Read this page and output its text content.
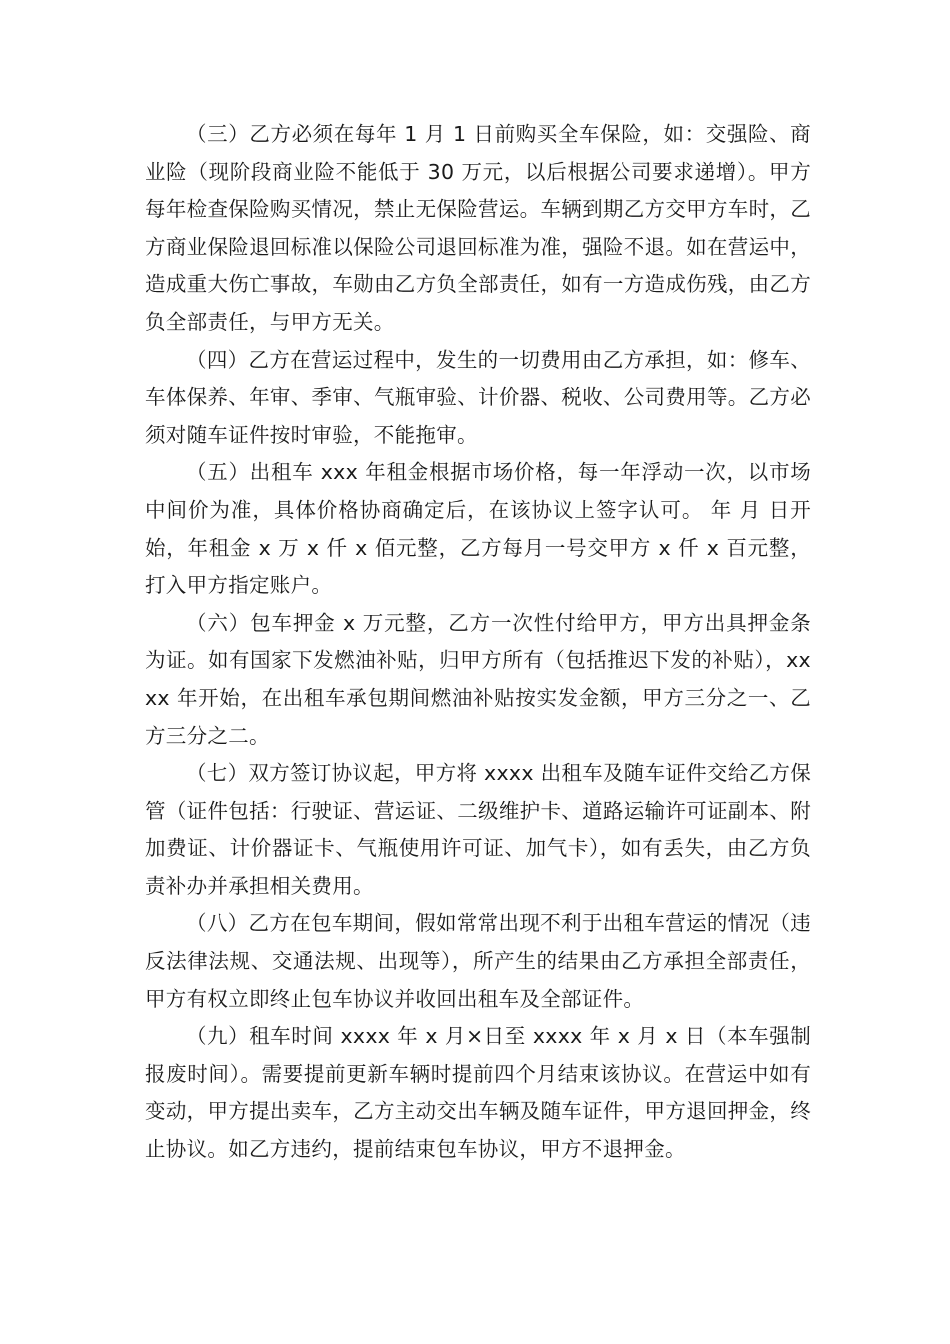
（三）乙方必须在每年 1 月 1 日前购买全车保险，如：交强险、商业险（现阶段商业险不能低于 30 万元，以后根据公司要求递增）。甲方每年检查保险购买情况，禁止无保险营运。车辆到期乙方交甲方车时，乙方商业保险退回标准以保险公司退回标准为准，强险不退。如在营运中，造成重大伤亡事故，车勋由乙方负全部责任，如有一方造成伤残，由乙方负全部责任，与甲方无关。

（四）乙方在营运过程中，发生的一切费用由乙方承担，如：修车、车体保养、年审、季审、气瓶审验、计价器、税收、公司费用等。乙方必须对随车证件按时审验，不能拖审。

（五）出租车 xxx 年租金根据市场价格，每一年浮动一次，以市场中间价为准，具体价格协商确定后，在该协议上签字认可。 年 月 日开始，年租金 x 万 x 仟 x 佰元整，乙方每月一号交甲方 x 仟 x 百元整，打入甲方指定账户。

（六）包车押金 x 万元整，乙方一次性付给甲方，甲方出具押金条为证。如有国家下发燃油补贴，归甲方所有（包括推迟下发的补贴），xxxx 年开始，在出租车承包期间燃油补贴按实发金额，甲方三分之一、乙方三分之二。

（七）双方签订协议起，甲方将 xxxx 出租车及随车证件交给乙方保管（证件包括：行驶证、营运证、二级维护卡、道路运输许可证副本、附加费证、计价器证卡、气瓶使用许可证、加气卡），如有丢失，由乙方负责补办并承担相关费用。

（八）乙方在包车期间，假如常常出现不利于出租车营运的情况（违反法律法规、交通法规、出现等），所产生的结果由乙方承担全部责任，甲方有权立即终止包车协议并收回出租车及全部证件。

（九）租车时间 xxxx 年 x 月×日至 xxxx 年 x 月 x 日（本车强制报废时间）。需要提前更新车辆时提前四个月结束该协议。在营运中如有变动，甲方提出卖车，乙方主动交出车辆及随车证件，甲方退回押金，终止协议。如乙方违约，提前结束包车协议，甲方不退押金。
